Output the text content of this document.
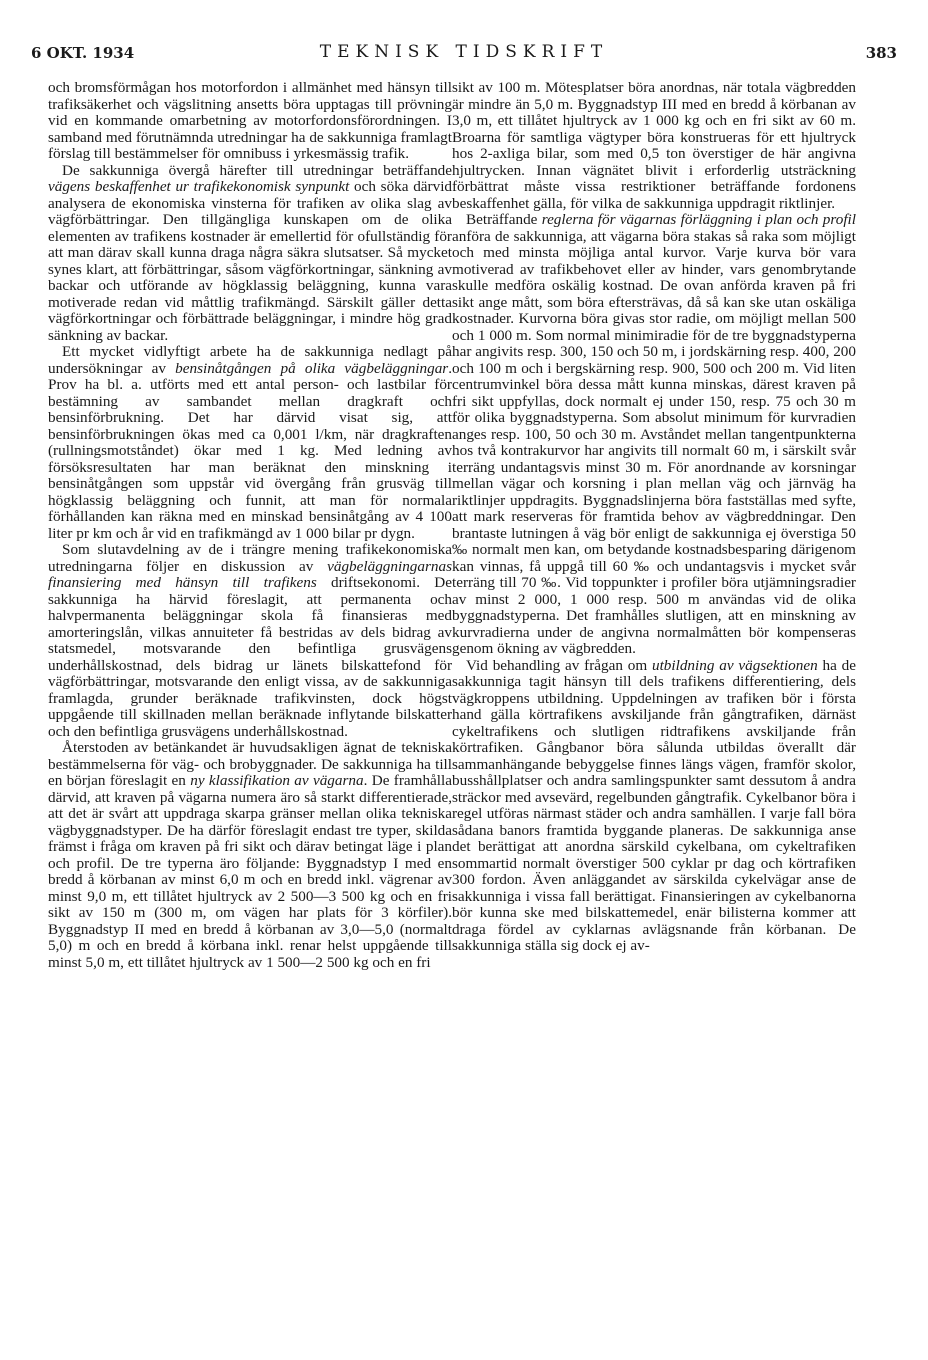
6 OKT. 1934	TEKNISK TIDSKRIFT	383

och bromsförmågan hos motorfordon i allmänhet med hänsyn till trafiksäkerhet och vägslitning ansetts böra upptagas till prövning vid en kommande omarbetning av motorfordonsförordningen. I samband med förutnämnda utredningar ha de sakkunniga framlagt förslag till bestämmelser för omnibuss i yrkesmässig trafik.

De sakkunniga övergå härefter till utredningar beträffande vägens beskaffenhet ur trafikekonomisk synpunkt och söka därvid analysera de ekonomiska vinsterna för trafiken av olika slag av vägförbättringar. Den tillgängliga kunskapen om de olika elementen av trafikens kostnader är emellertid för ofullständig för att man därav skall kunna draga några säkra slutsatser. Så mycket synes klart, att förbättringar, såsom vägförkortningar, sänkning av backar och utförande av högklassig beläggning, kunna vara motiverade redan vid måttlig trafikmängd. Särskilt gäller detta vägförkortningar och förbättrade beläggningar, i mindre hög grad sänkning av backar.

Ett mycket vidlyftigt arbete ha de sakkunniga nedlagt på undersökningar av bensinåtgången på olika vägbeläggningar. Prov ha bl. a. utförts med ett antal person- och lastbilar för bestämning av sambandet mellan dragkraft och bensinförbrukning. Det har därvid visat sig, att bensinförbrukningen ökas med ca 0,001 l/km, när dragkraften (rullningsmotståndet) ökar med 1 kg. Med ledning av försöksresultaten har man beräknat den minskning i bensinåtgången som uppstår vid övergång från grusväg till högklassig beläggning och funnit, att man för normala förhållanden kan räkna med en minskad bensinåtgång av 4 100 liter pr km och år vid en trafikmängd av 1 000 bilar pr dygn.

Som slutavdelning av de i trängre mening trafikekonomiska utredningarna följer en diskussion av vägbeläggningarnas finansiering med hänsyn till trafikens driftsekonomi. De sakkunniga ha härvid föreslagit, att permanenta och halvpermanenta beläggningar skola få finansieras med amorteringslån, vilkas annuiteter få bestridas av dels bidrag av statsmedel, motsvarande den befintliga grusvägens underhållskostnad, dels bidrag ur länets bilskattefond för vägförbättringar, motsvarande den enligt vissa, av de sakkunniga framlagda, grunder beräknade trafikvinsten, dock högst uppgående till skillnaden mellan beräknade inflytande bilskatter och den befintliga grusvägens underhållskostnad.

Återstoden av betänkandet är huvudsakligen ägnat de tekniska bestämmelserna för väg- och brobyggnader. De sakkunniga ha till en början föreslagit en ny klassifikation av vägarna. De framhålla därvid, att kraven på vägarna numera äro så starkt differentierade, att det är svårt att uppdraga skarpa gränser mellan olika tekniska vägbyggnadstyper. De ha därför föreslagit endast tre typer, skilda främst i fråga om kraven på fri sikt och därav betingat läge i plan och profil. De tre typerna äro följande: Byggnadstyp I med en bredd å körbanan av minst 6,0 m och en bredd inkl. vägrenar av minst 9,0 m, ett tillåtet hjultryck av 2 500—3 500 kg och en fri sikt av 150 m (300 m, om vägen har plats för 3 körfiler). Byggnadstyp II med en bredd å körbanan av 3,0—5,0 (normalt 5,0) m och en bredd å körbana inkl. renar helst uppgående till minst 5,0 m, ett tillåtet hjultryck av 1 500—2 500 kg och en fri

sikt av 100 m. Mötesplatser böra anordnas, när totala vägbredden är mindre än 5,0 m. Byggnadstyp III med en bredd å körbanan av 3,0 m, ett tillåtet hjultryck av 1 000 kg och en fri sikt av 60 m. Broarna för samtliga vägtyper böra konstrueras för ett hjultryck hos 2-axliga bilar, som med 0,5 ton överstiger de här angivna hjultrycken. Innan vägnätet blivit i erforderlig utsträckning förbättrat måste vissa restriktioner beträffande fordonens beskaffenhet gälla, för vilka de sakkunniga uppdragit riktlinjer.

Beträffande reglerna för vägarnas förläggning i plan och profil anföra de sakkunniga, att vägarna böra stakas så raka som möjligt och med minsta möjliga antal kurvor. Varje kurva bör vara motiverad av trafikbehovet eller av hinder, vars genombrytande skulle medföra oskälig kostnad. De ovan anförda kraven på fri sikt ange mått, som böra eftersträvas, då så kan ske utan oskäliga kostnader. Kurvorna böra givas stor radie, om möjligt mellan 500 och 1 000 m. Som normal minimiradie för de tre byggnadstyperna har angivits resp. 300, 150 och 50 m, i jordskärning resp. 400, 200 och 100 m och i bergskärning resp. 900, 500 och 200 m. Vid liten centrumvinkel böra dessa mått kunna minskas, därest kraven på fri sikt uppfyllas, dock normalt ej under 150, resp. 75 och 30 m för olika byggnadstyperna. Som absolut minimum för kurvradien anges resp. 100, 50 och 30 m. Avståndet mellan tangentpunkterna hos två kontrakurvor har angivits till normalt 60 m, i särskilt svår terräng undantagsvis minst 30 m. För anordnande av korsningar mellan vägar och korsning i plan mellan väg och järnväg ha riktlinjer uppdragits. Byggnadslinjerna böra fastställas med syfte, att mark reserveras för framtida behov av vägbreddningar. Den brantaste lutningen å väg bör enligt de sakkunniga ej överstiga 50 ‰ normalt men kan, om betydande kostnadsbesparing därigenom kan vinnas, få uppgå till 60 ‰ och undantagsvis i mycket svår terräng till 70 ‰. Vid toppunkter i profiler böra utjämningsradier av minst 2 000, 1 000 resp. 500 m användas vid de olika byggnadstyperna. Det framhålles slutligen, att en minskning av kurvradierna under de angivna normalmåtten bör kompenseras genom ökning av vägbredden.

Vid behandling av frågan om utbildning av vägsektionen ha de sakkunniga tagit hänsyn till dels trafikens differentiering, dels vägkroppens utbildning. Uppdelningen av trafiken bör i första hand gälla körtrafikens avskiljande från gångtrafiken, därnäst cykeltrafikens och slutligen ridtrafikens avskiljande från körtrafiken. Gångbanor böra sålunda utbildas överallt där sammanhängande bebyggelse finnes längs vägen, framför skolor, busshållplatser och andra samlingspunkter samt dessutom å andra sträckor med avsevärd, regelbunden gångtrafik. Cykelbanor böra i regel utföras närmast städer och andra samhällen. I varje fall böra sådana banors framtida byggande planeras. De sakkunniga anse det berättigat att anordna särskild cykelbana, om cykeltrafiken sommartid normalt överstiger 500 cyklar pr dag och körtrafiken 300 fordon. Även anläggandet av särskilda cykelvägar anse de sakkunniga i vissa fall berättigat. Finansieringen av cykelbanorna bör kunna ske med bilskattemedel, enär bilisterna kommer att draga fördel av cyklarnas avlägsnande från körbanan. De sakkunniga ställa sig dock ej av-
